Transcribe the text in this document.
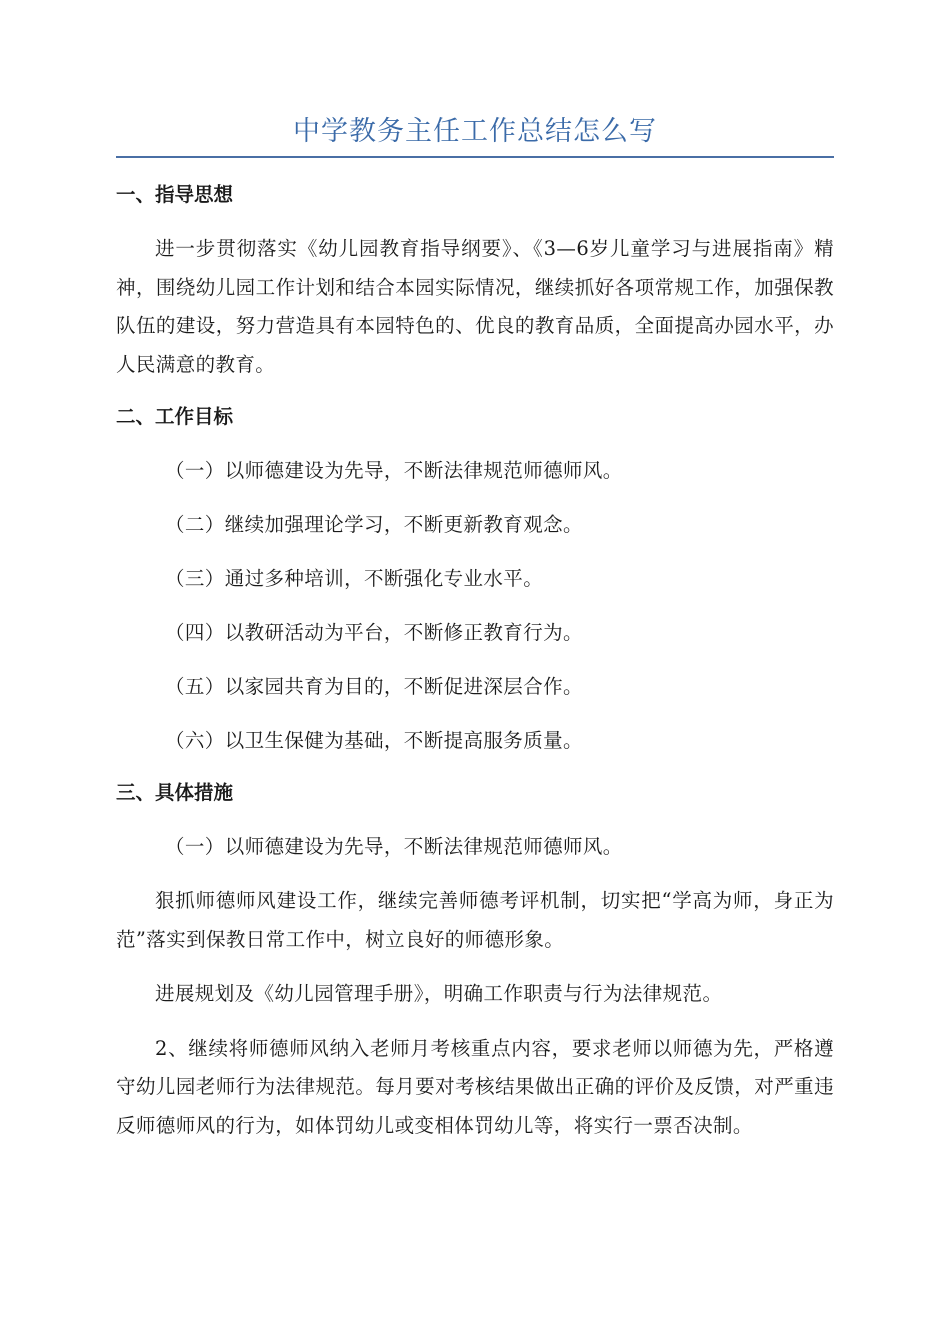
中学教务主任工作总结怎么写
一、指导思想
进一步贯彻落实《幼儿园教育指导纲要》、《3—6岁儿童学习与进展指南》精神，围绕幼儿园工作计划和结合本园实际情况，继续抓好各项常规工作，加强保教队伍的建设，努力营造具有本园特色的、优良的教育品质，全面提高办园水平，办人民满意的教育。
二、工作目标
（一）以师德建设为先导，不断法律规范师德师风。
（二）继续加强理论学习，不断更新教育观念。
（三）通过多种培训，不断强化专业水平。
（四）以教研活动为平台，不断修正教育行为。
（五）以家园共育为目的，不断促进深层合作。
（六）以卫生保健为基础，不断提高服务质量。
三、具体措施
（一）以师德建设为先导，不断法律规范师德师风。
狠抓师德师风建设工作，继续完善师德考评机制，切实把“学高为师，身正为范”落实到保教日常工作中，树立良好的师德形象。
进展规划及《幼儿园管理手册》，明确工作职责与行为法律规范。
2、继续将师德师风纳入老师月考核重点内容，要求老师以师德为先，严格遵守幼儿园老师行为法律规范。每月要对考核结果做出正确的评价及反馈，对严重违反师德师风的行为，如体罚幼儿或变相体罚幼儿等，将实行一票否决制。
